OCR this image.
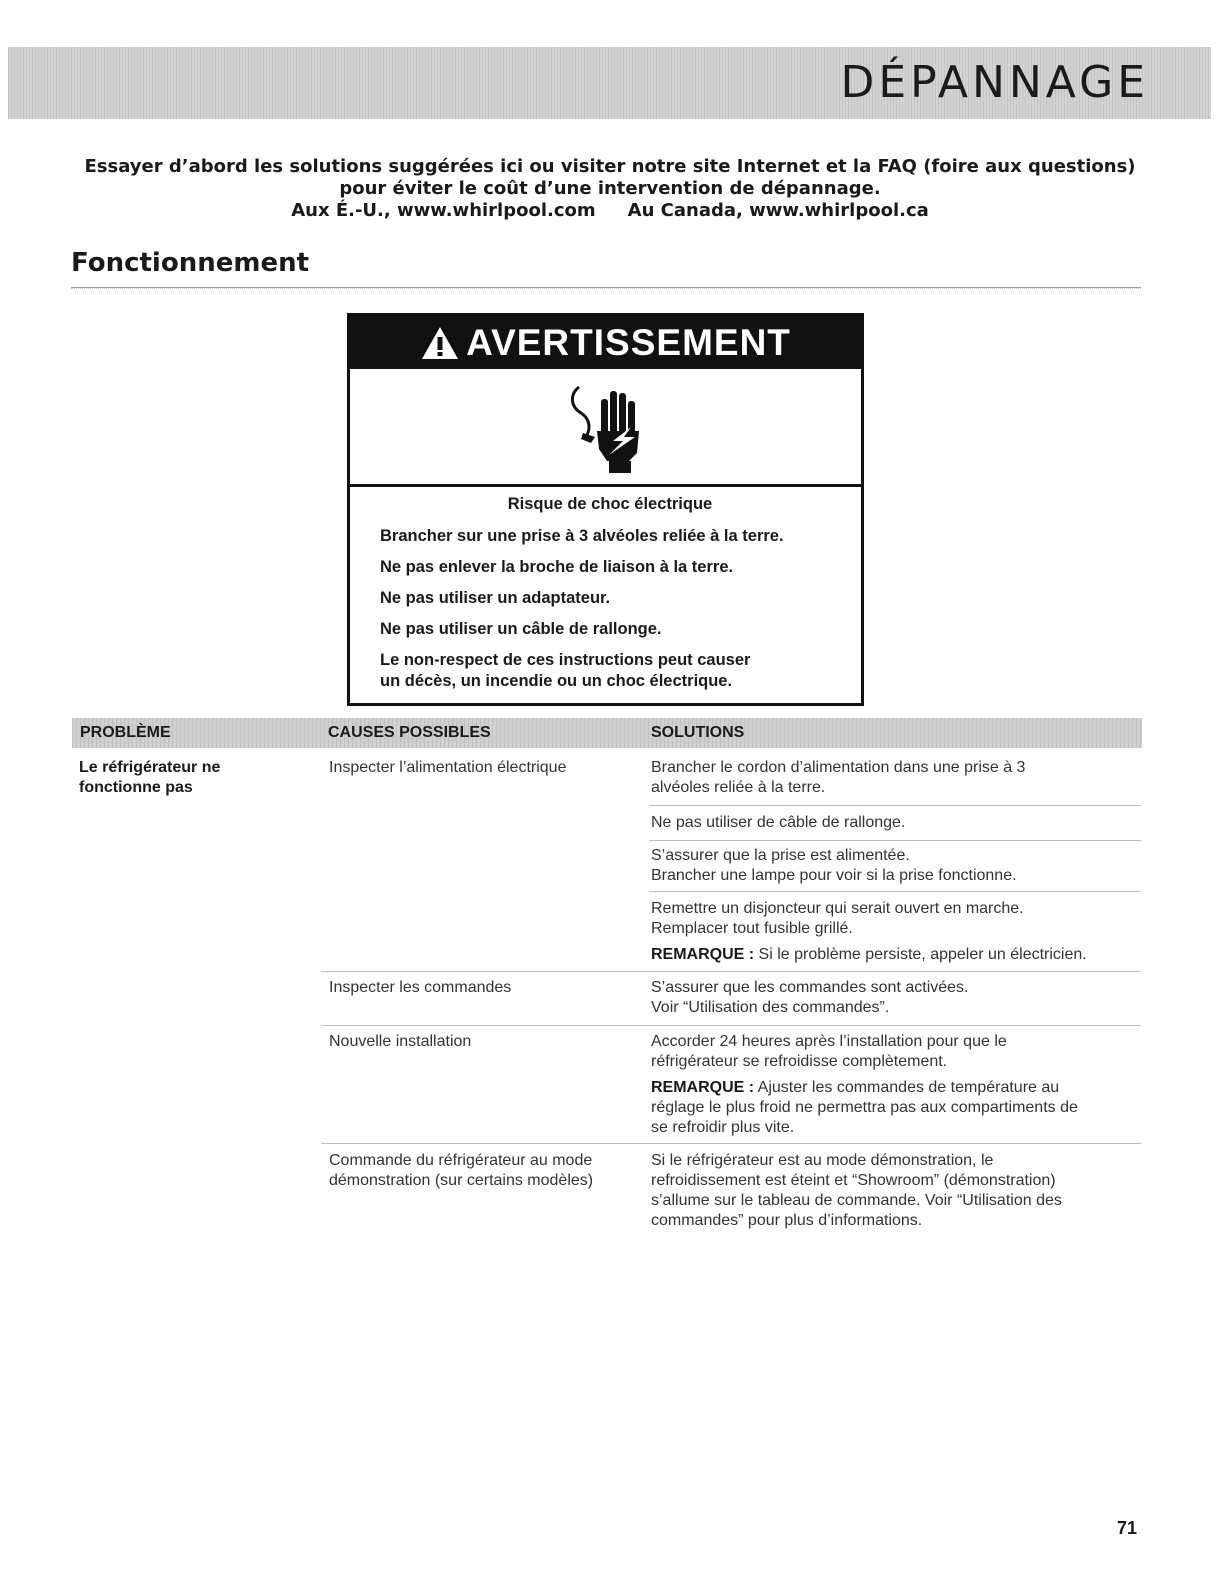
DÉPANNAGE
Essayer d’abord les solutions suggérées ici ou visiter notre site Internet et la FAQ (foire aux questions)
pour éviter le coût d’une intervention de dépannage.
Aux É.-U., www.whirlpool.com Au Canada, www.whirlpool.ca
Fonctionnement
AVERTISSEMENT
Risque de choc électrique
Brancher sur une prise à 3 alvéoles reliée à la terre.
Ne pas enlever la broche de liaison à la terre.
Ne pas utiliser un adaptateur.
Ne pas utiliser un câble de rallonge.
Le non-respect de ces instructions peut causer
un décès, un incendie ou un choc électrique.
PROBLÈME	CAUSES POSSIBLES	SOLUTIONS
Le réfrigérateur ne
fonctionne pas
Inspecter l’alimentation électrique
Inspecter les commandes
Nouvelle installation
Commande du réfrigérateur au mode
démonstration (sur certains modèles)
Brancher le cordon d’alimentation dans une prise à 3
alvéoles reliée à la terre.
Ne pas utiliser de câble de rallonge.
S’assurer que la prise est alimentée.
Brancher une lampe pour voir si la prise fonctionne.
Remettre un disjoncteur qui serait ouvert en marche.
Remplacer tout fusible grillé.
REMARQUE : Si le problème persiste, appeler un électricien.
S’assurer que les commandes sont activées.
Voir “Utilisation des commandes”.
Accorder 24 heures après l’installation pour que le
réfrigérateur se refroidisse complètement.
REMARQUE : Ajuster les commandes de température au
réglage le plus froid ne permettra pas aux compartiments de
se refroidir plus vite.
Si le réfrigérateur est au mode démonstration, le
refroidissement est éteint et “Showroom” (démonstration)
s’allume sur le tableau de commande. Voir “Utilisation des
commandes” pour plus d’informations.
71
